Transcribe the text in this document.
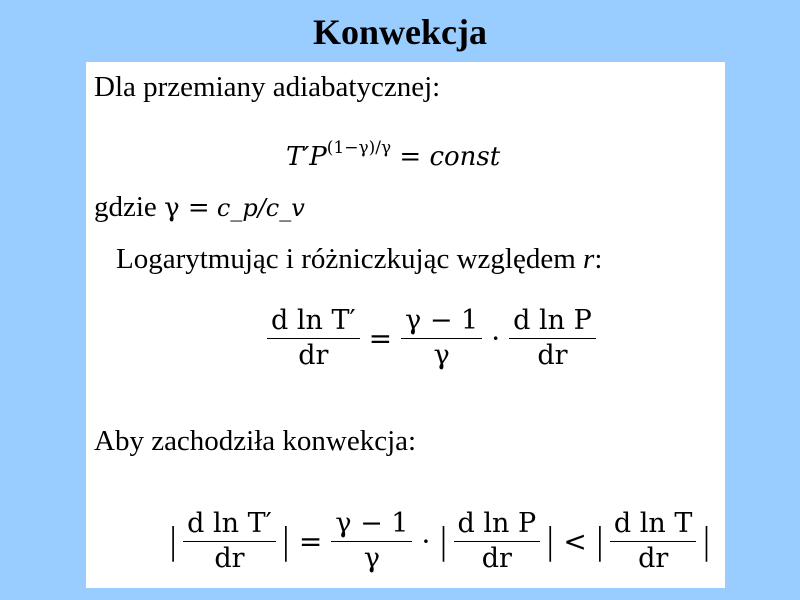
Konwekcja
Dla przemiany adiabatycznej:
$T'P^{(1-\gamma)/\gamma}$ = const
gdzie γ = c_p/c_v
Logarytmując i różniczkując względem r:
$\frac{\text{d ln T′}}{dr} = \frac{\gamma - 1}{\gamma} \cdot \frac{\text{d ln P}}{dr}$
Aby zachodziła konwekcja:
| $\frac{\text{d ln T′}}{dr}$ | = $\frac{\gamma - 1}{\gamma}$ · | $\frac{\text{d ln P}}{dr}$ | < | $\frac{\text{d ln T}}{dr}$ |
